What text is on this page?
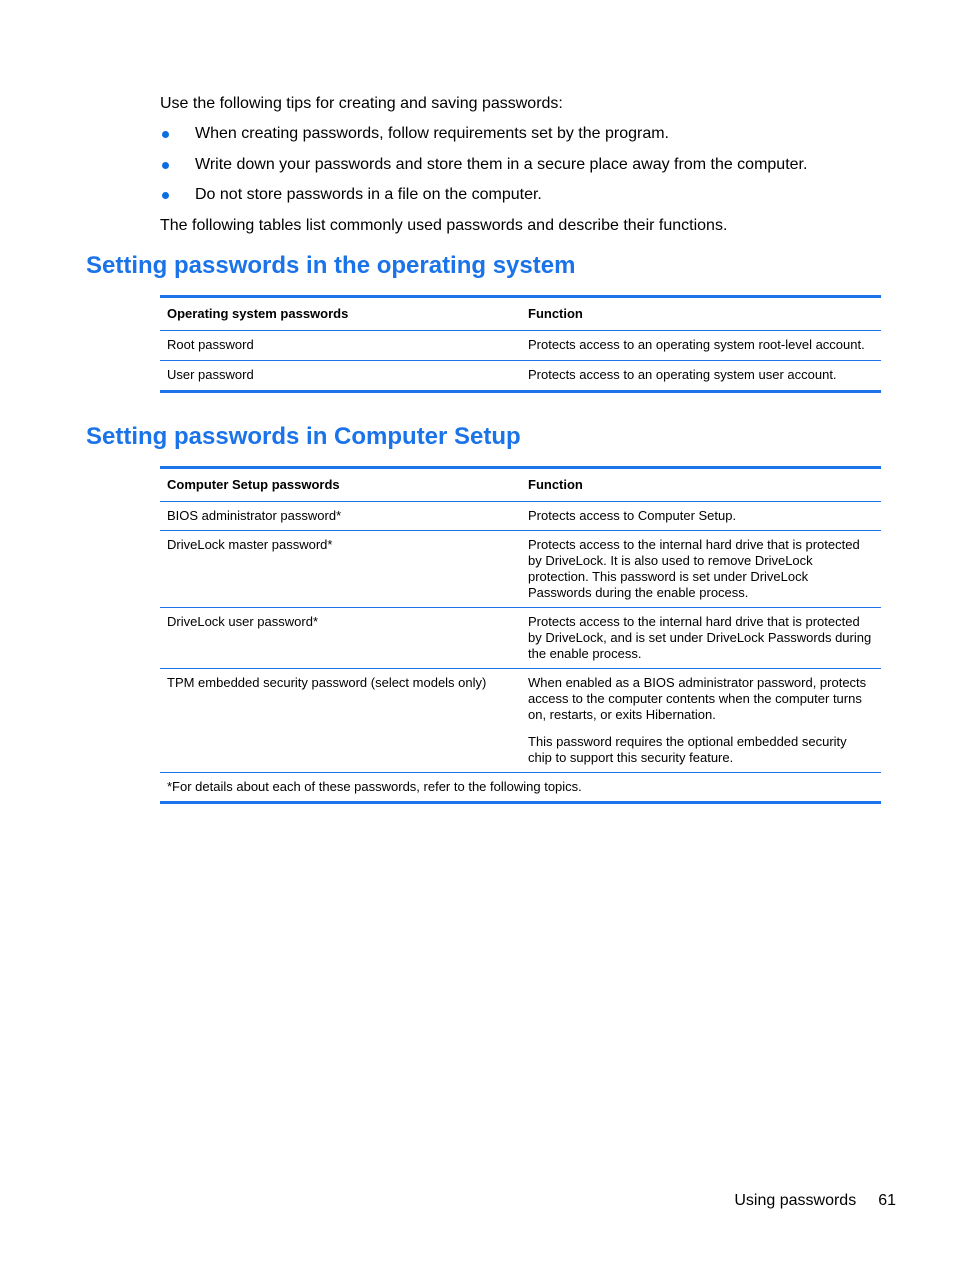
Use the following tips for creating and saving passwords:
When creating passwords, follow requirements set by the program.
Write down your passwords and store them in a secure place away from the computer.
Do not store passwords in a file on the computer.
The following tables list commonly used passwords and describe their functions.
Setting passwords in the operating system
Operating system passwords	Function
Root password	Protects access to an operating system root-level account.
User password	Protects access to an operating system user account.
Setting passwords in Computer Setup
Computer Setup passwords	Function
BIOS administrator password*	Protects access to Computer Setup.
DriveLock master password*	Protects access to the internal hard drive that is protected by DriveLock. It is also used to remove DriveLock protection. This password is set under DriveLock Passwords during the enable process.
DriveLock user password*	Protects access to the internal hard drive that is protected by DriveLock, and is set under DriveLock Passwords during the enable process.
TPM embedded security password (select models only)	When enabled as a BIOS administrator password, protects access to the computer contents when the computer turns on, restarts, or exits Hibernation.

This password requires the optional embedded security chip to support this security feature.

*For details about each of these passwords, refer to the following topics.	
Using passwords 61
